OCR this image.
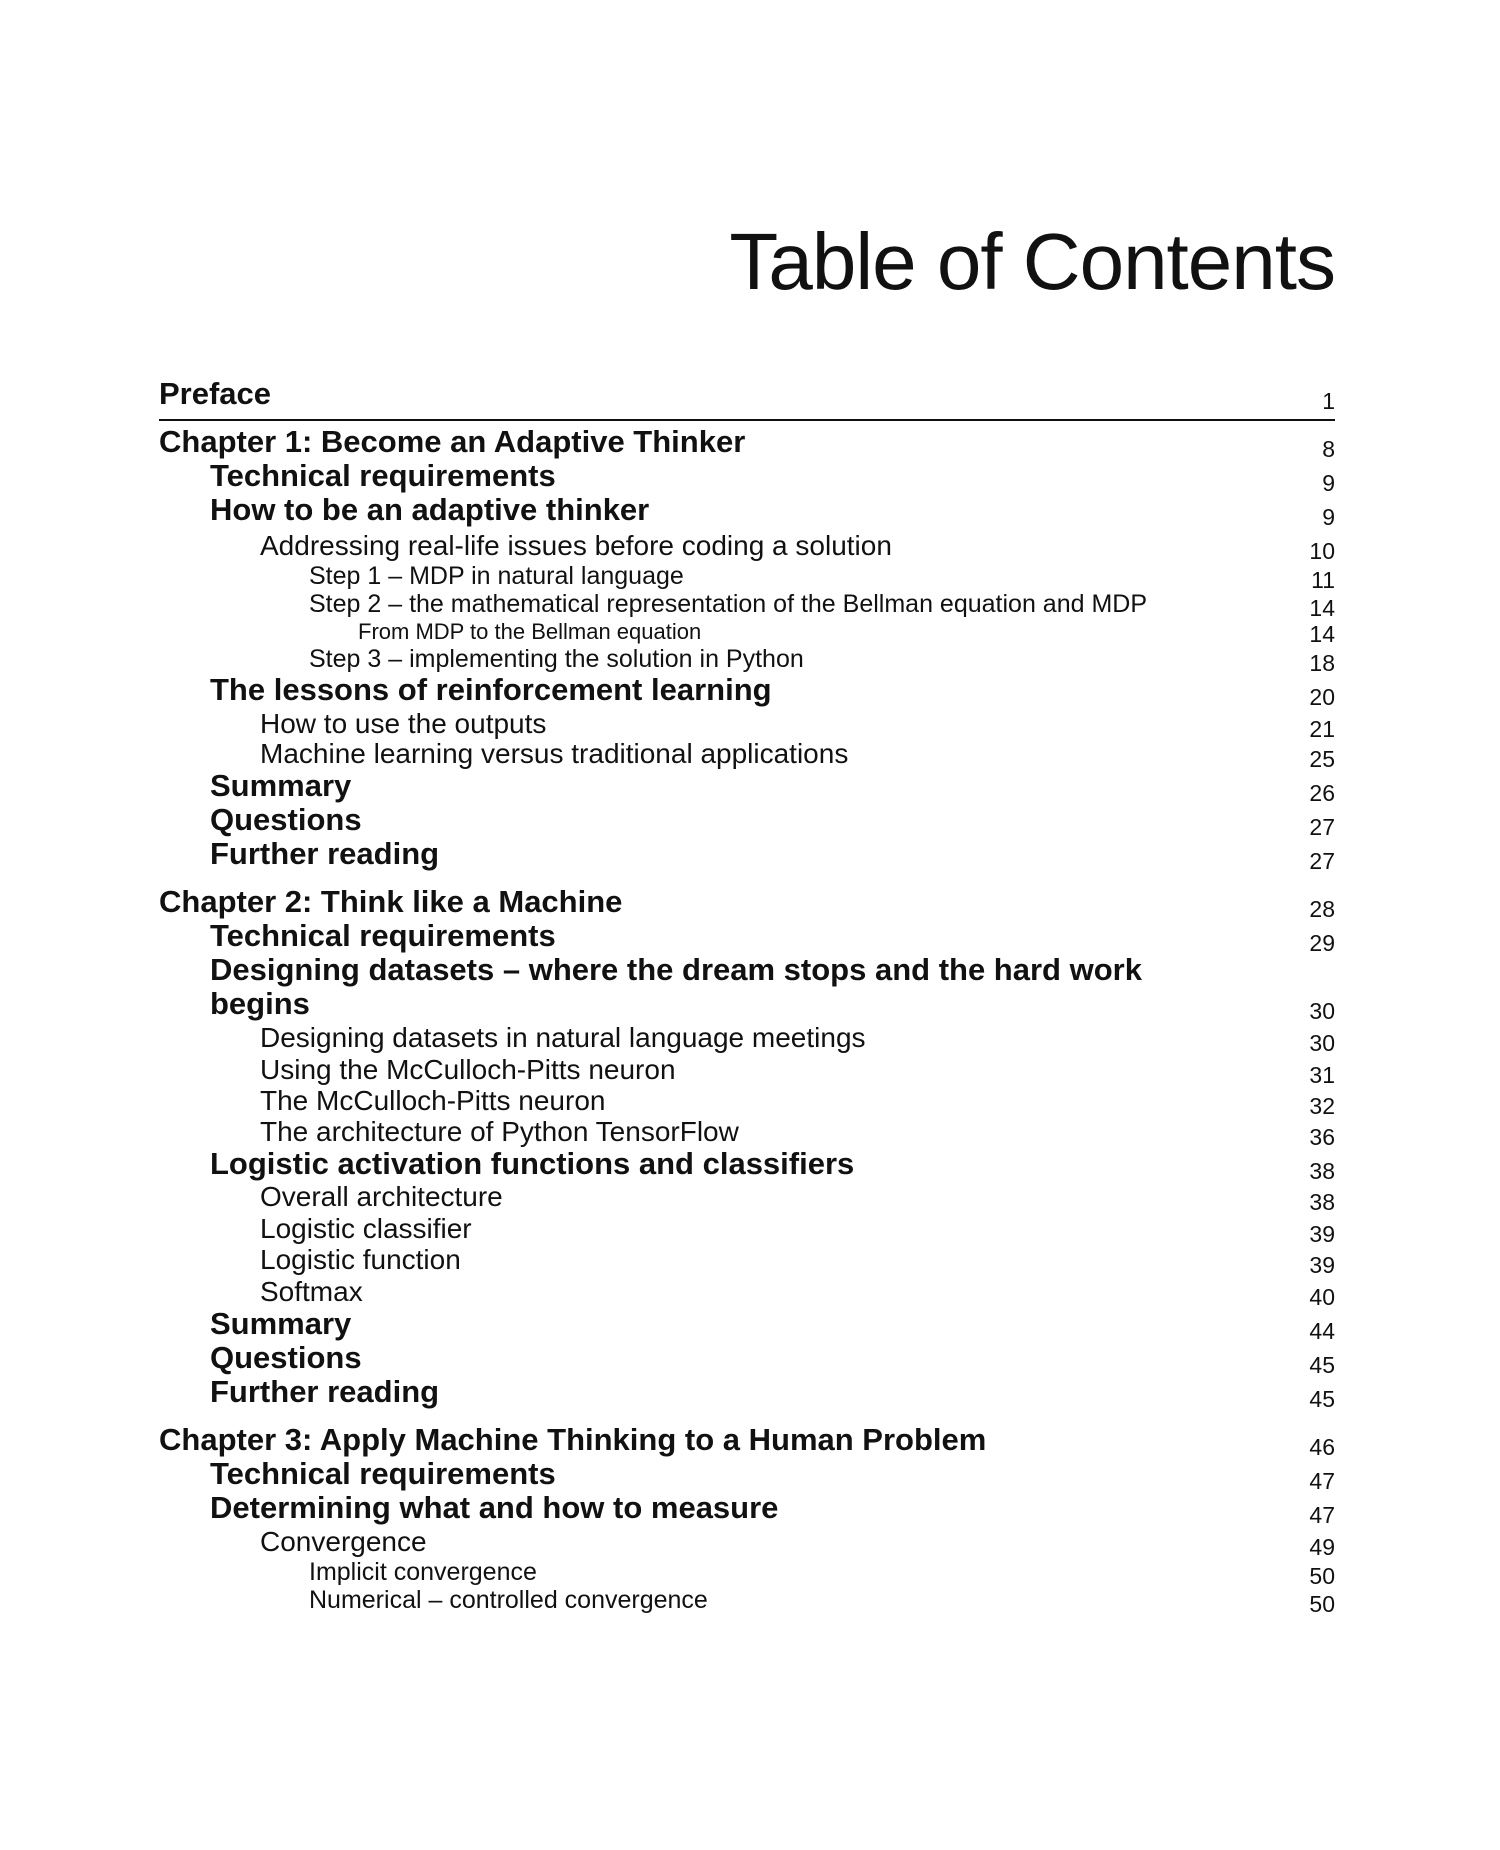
Table of Contents
Preface	1
Chapter 1: Become an Adaptive Thinker	8
Technical requirements	9
How to be an adaptive thinker	9
Addressing real-life issues before coding a solution	10
Step 1 – MDP in natural language	11
Step 2 – the mathematical representation of the Bellman equation and MDP	14
From MDP to the Bellman equation	14
Step 3 – implementing the solution in Python	18
The lessons of reinforcement learning	20
How to use the outputs	21
Machine learning versus traditional applications	25
Summary	26
Questions	27
Further reading	27
Chapter 2: Think like a Machine	28
Technical requirements	29
Designing datasets – where the dream stops and the hard work
begins	30
Designing datasets in natural language meetings	30
Using the McCulloch-Pitts neuron	31
The McCulloch-Pitts neuron	32
The architecture of Python TensorFlow	36
Logistic activation functions and classifiers	38
Overall architecture	38
Logistic classifier	39
Logistic function	39
Softmax	40
Summary	44
Questions	45
Further reading	45
Chapter 3: Apply Machine Thinking to a Human Problem	46
Technical requirements	47
Determining what and how to measure	47
Convergence	49
Implicit convergence	50
Numerical – controlled convergence	50
